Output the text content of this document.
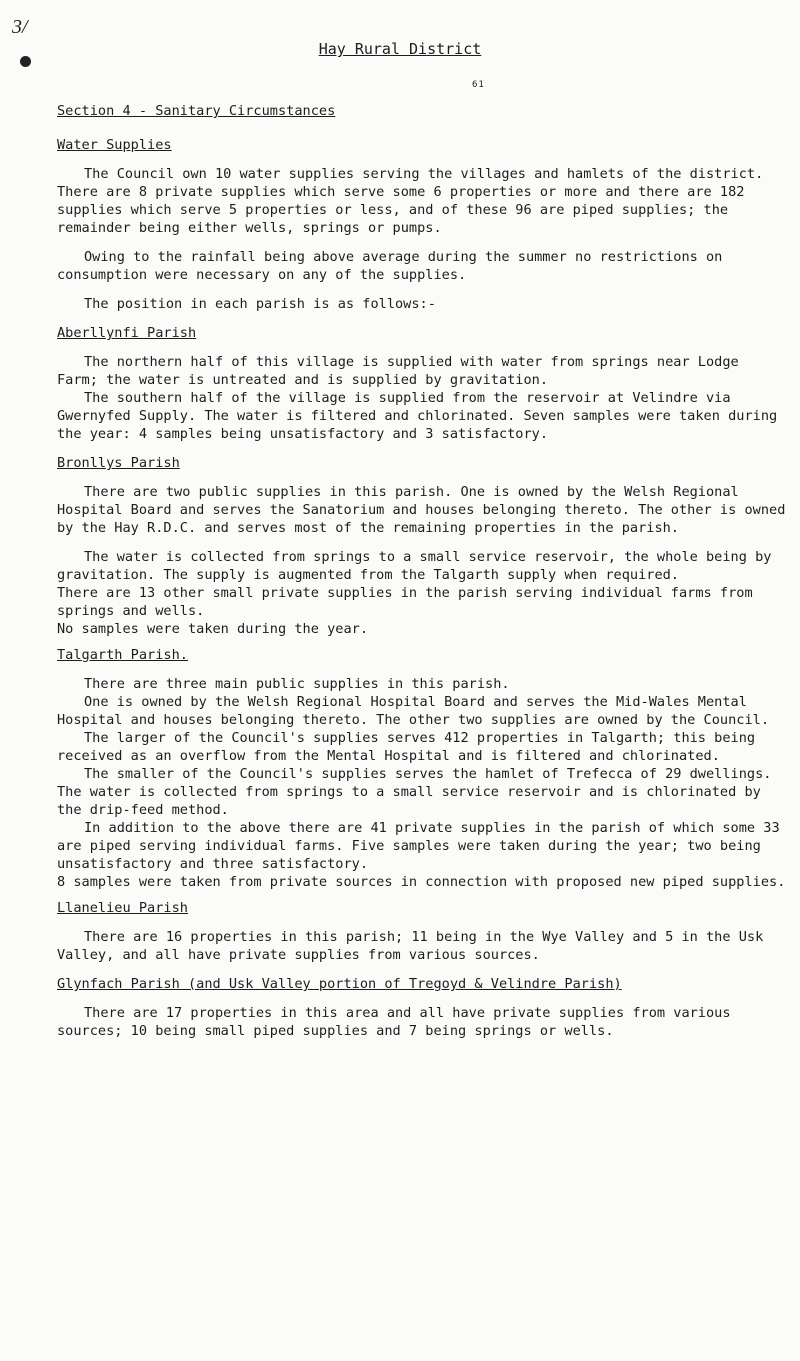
3/
Hay Rural District
61
Section 4 - Sanitary Circumstances
Water Supplies

The Council own 10 water supplies serving the villages and hamlets of the district. There are 8 private supplies which serve some 6 properties or more and there are 182 supplies which serve 5 properties or less, and of these 96 are piped supplies; the remainder being either wells, springs or pumps.

Owing to the rainfall being above average during the summer no restrictions on consumption were necessary on any of the supplies.

The position in each parish is as follows:-

Aberllynfi Parish

The northern half of this village is supplied with water from springs near Lodge Farm; the water is untreated and is supplied by gravitation.

The southern half of the village is supplied from the reservoir at Velindre via Gwernyfed Supply. The water is filtered and chlorinated. Seven samples were taken during the year: 4 samples being unsatisfactory and 3 satisfactory.

Bronllys Parish

There are two public supplies in this parish. One is owned by the Welsh Regional Hospital Board and serves the Sanatorium and houses belonging thereto. The other is owned by the Hay R.D.C. and serves most of the remaining properties in the parish.

The water is collected from springs to a small service reservoir, the whole being by gravitation. The supply is augmented from the Talgarth supply when required.

There are 13 other small private supplies in the parish serving individual farms from springs and wells.

No samples were taken during the year.

Talgarth Parish.

There are three main public supplies in this parish.

One is owned by the Welsh Regional Hospital Board and serves the Mid-Wales Mental Hospital and houses belonging thereto. The other two supplies are owned by the Council.

The larger of the Council's supplies serves 412 properties in Talgarth; this being received as an overflow from the Mental Hospital and is filtered and chlorinated.

The smaller of the Council's supplies serves the hamlet of Trefecca of 29 dwellings. The water is collected from springs to a small service reservoir and is chlorinated by the drip-feed method.

In addition to the above there are 41 private supplies in the parish of which some 33 are piped serving individual farms. Five samples were taken during the year; two being unsatisfactory and three satisfactory.

8 samples were taken from private sources in connection with proposed new piped supplies.

Llanelieu Parish

There are 16 properties in this parish; 11 being in the Wye Valley and 5 in the Usk Valley, and all have private supplies from various sources.

Glynfach Parish (and Usk Valley portion of Tregoyd & Velindre Parish)

There are 17 properties in this area and all have private supplies from various sources; 10 being small piped supplies and 7 being springs or wells.
